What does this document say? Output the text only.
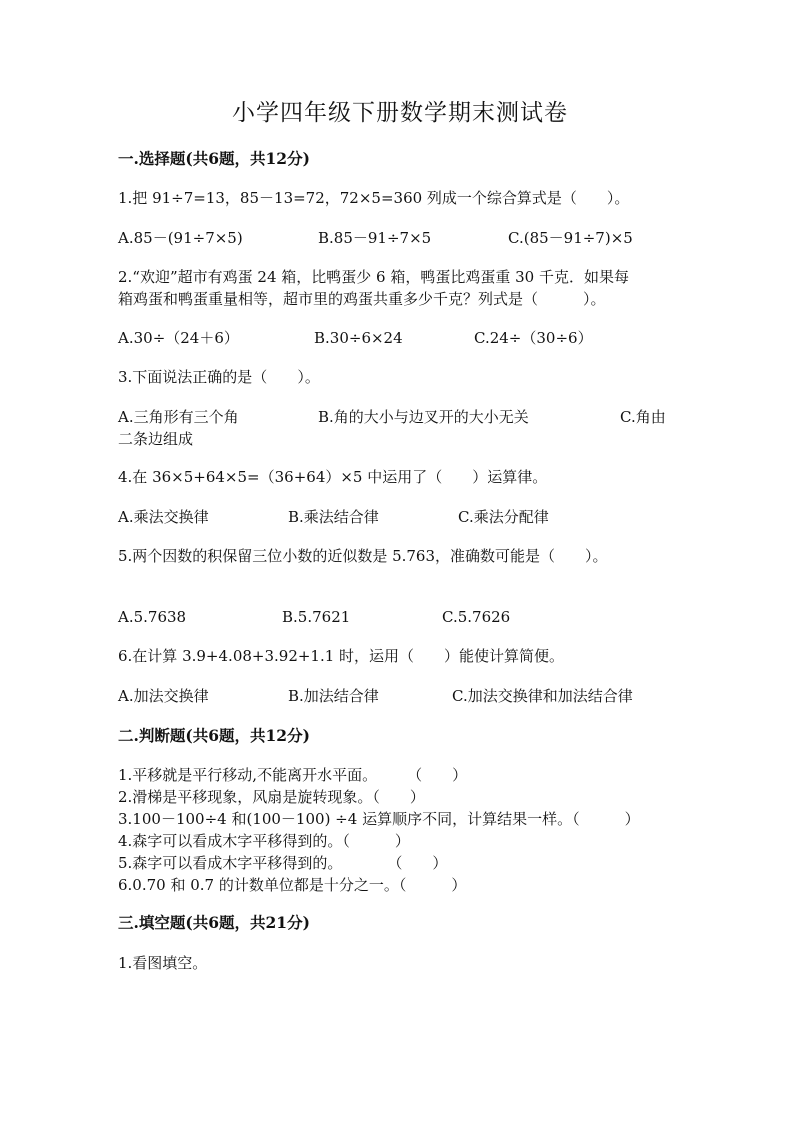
小学四年级下册数学期末测试卷
一.选择题(共6题，共12分)
1.把 91÷7=13，85－13=72，72×5=360 列成一个综合算式是（　　）。
A.85－(91÷7×5)	B.85－91÷7×5	C.(85－91÷7)×5
2.“欢迎”超市有鸡蛋 24 箱，比鸭蛋少 6 箱，鸭蛋比鸡蛋重 30 千克．如果每
箱鸡蛋和鸭蛋重量相等，超市里的鸡蛋共重多少千克？列式是（　　　）。
A.30÷（24＋6）	B.30÷6×24	C.24÷（30÷6）
3.下面说法正确的是（　　）。
A.三角形有三个角	B.角的大小与边叉开的大小无关	C.角由
二条边组成
4.在 36×5+64×5=（36+64）×5 中运用了（　　）运算律。
A.乘法交换律	B.乘法结合律	C.乘法分配律
5.两个因数的积保留三位小数的近似数是 5.763，准确数可能是（　　）。
A.5.7638	B.5.7621	C.5.7626
6.在计算 3.9+4.08+3.92+1.1 时，运用（　　）能使计算简便。
A.加法交换律	B.加法结合律	C.加法交换律和加法结合律
二.判断题(共6题，共12分)
1.平移就是平行移动,不能离开水平面。　　　（　　）
2.滑梯是平移现象，风扇是旋转现象。（　　）
3.100－100÷4 和(100－100) ÷4 运算顺序不同，计算结果一样。（　　　）
4.森字可以看成木字平移得到的。（　　　）
5.森字可以看成木字平移得到的。　　　　（　　）
6.0.70 和 0.7 的计数单位都是十分之一。（　　　）
三.填空题(共6题，共21分)
1.看图填空。
